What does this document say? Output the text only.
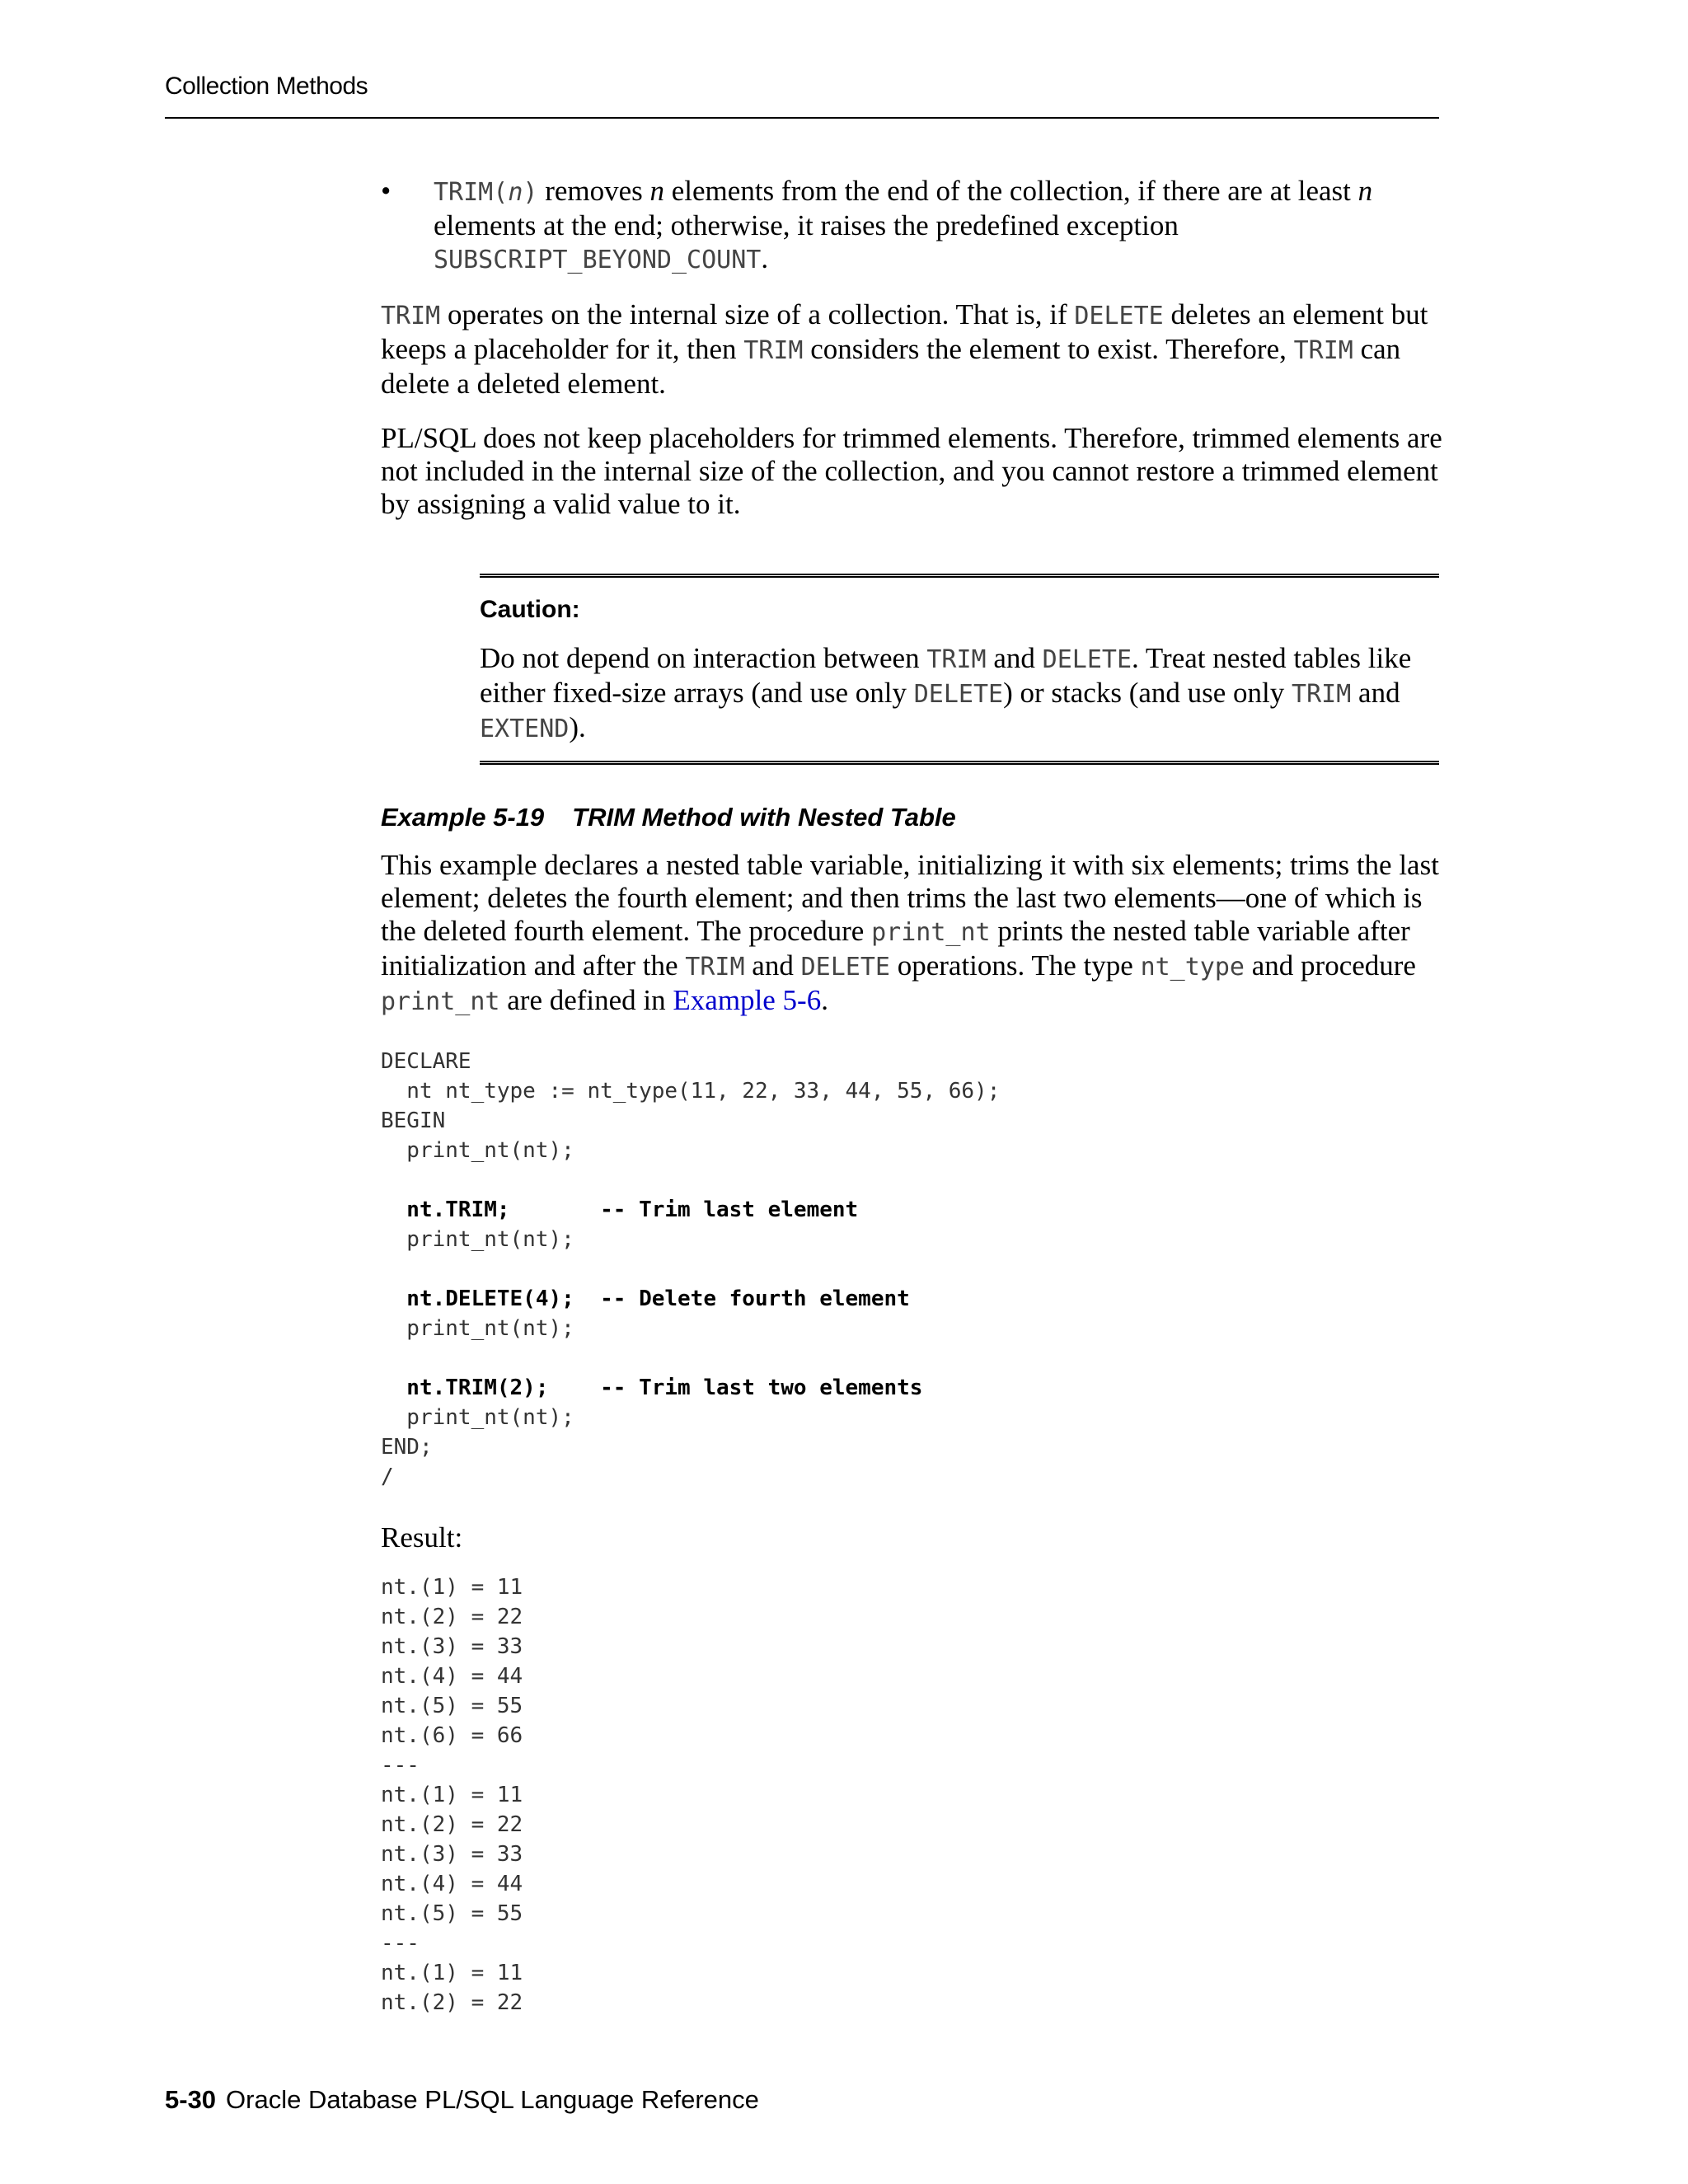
Collection Methods
• TRIM(n) removes n elements from the end of the collection, if there are at least n elements at the end; otherwise, it raises the predefined exception SUBSCRIPT_BEYOND_COUNT.

TRIM operates on the internal size of a collection. That is, if DELETE deletes an element but keeps a placeholder for it, then TRIM considers the element to exist. Therefore, TRIM can delete a deleted element.

PL/SQL does not keep placeholders for trimmed elements. Therefore, trimmed elements are not included in the internal size of the collection, and you cannot restore a trimmed element by assigning a valid value to it.

Caution:

Do not depend on interaction between TRIM and DELETE. Treat nested tables like either fixed-size arrays (and use only DELETE) or stacks (and use only TRIM and EXTEND).

Example 5-19 TRIM Method with Nested Table

This example declares a nested table variable, initializing it with six elements; trims the last element; deletes the fourth element; and then trims the last two elements—one of which is the deleted fourth element. The procedure print_nt prints the nested table variable after initialization and after the TRIM and DELETE operations. The type nt_type and procedure print_nt are defined in Example 5-6.

DECLARE
nt nt_type := nt_type(11, 22, 33, 44, 55, 66);
BEGIN
print_nt(nt);

nt.TRIM;       -- Trim last element
print_nt(nt);

nt.DELETE(4);  -- Delete fourth element
print_nt(nt);

nt.TRIM(2);    -- Trim last two elements
print_nt(nt);
END;
/
Result:
nt.(1) = 11
nt.(2) = 22
nt.(3) = 33
nt.(4) = 44
nt.(5) = 55
nt.(6) = 66
---
nt.(1) = 11
nt.(2) = 22
nt.(3) = 33
nt.(4) = 44
nt.(5) = 55
---
nt.(1) = 11
nt.(2) = 22
5-30 Oracle Database PL/SQL Language Reference
